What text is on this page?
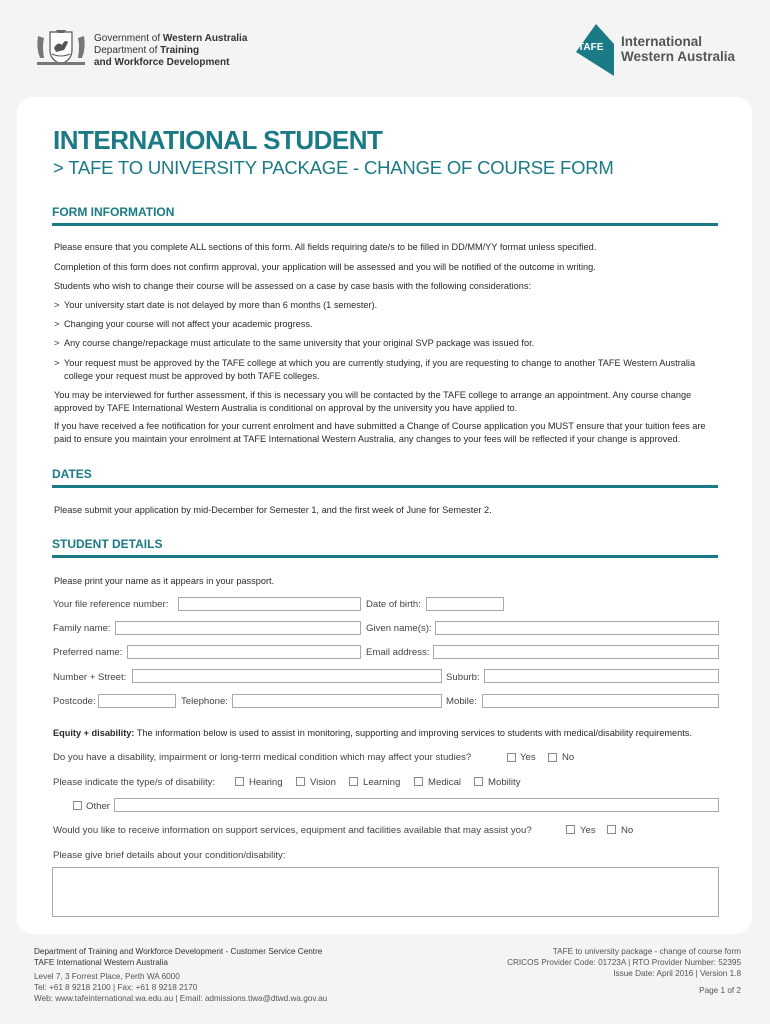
Government of Western Australia
Department of Training
and Workforce Development
TAFE International
Western Australia
INTERNATIONAL STUDENT
> TAFE TO UNIVERSITY PACKAGE - CHANGE OF COURSE FORM
FORM INFORMATION
Please ensure that you complete ALL sections of this form. All fields requiring date/s to be filled in DD/MM/YY format unless specified.
Completion of this form does not confirm approval, your application will be assessed and you will be notified of the outcome in writing.
Students who wish to change their course will be assessed on a case by case basis with the following considerations:
> Your university start date is not delayed by more than 6 months (1 semester).
> Changing your course will not affect your academic progress.
> Any course change/repackage must articulate to the same university that your original SVP package was issued for.
> Your request must be approved by the TAFE college at which you are currently studying, if you are requesting to change to another TAFE Western Australia college your request must be approved by both TAFE colleges.
You may be interviewed for further assessment, if this is necessary you will be contacted by the TAFE college to arrange an appointment. Any course change approved by TAFE International Western Australia is conditional on approval by the university you have applied to.
If you have received a fee notification for your current enrolment and have submitted a Change of Course application you MUST ensure that your tuition fees are paid to ensure you maintain your enrolment at TAFE International Western Australia, any changes to your fees will be reflected if your change is approved.
DATES
Please submit your application by mid-December for Semester 1, and the first week of June for Semester 2.
STUDENT DETAILS
Please print your name as it appears in your passport.
Your file reference number:	Date of birth:
Family name:	Given name(s):
Preferred name:	Email address:
Number + Street:	Suburb:
Postcode:	Telephone:	Mobile:
Equity + disability: The information below is used to assist in monitoring, supporting and improving services to students with medical/disability requirements.
Do you have a disability, impairment or long-term medical condition which may affect your studies?	Yes	No
Please indicate the type/s of disability:	Hearing	Vision	Learning	Medical	Mobility
Other
Would you like to receive information on support services, equipment and facilities available that may assist you?	Yes	No
Please give brief details about your condition/disability:
Department of Training and Workforce Development - Customer Service Centre
TAFE International Western Australia
Level 7, 3 Forrest Place, Perth WA 6000
Tel: +61 8 9218 2100 | Fax: +61 8 9218 2170
Web: www.tafeinternational.wa.edu.au | Email: admissions.tiwa@dtwd.wa.gov.au
TAFE to university package - change of course form
CRICOS Provider Code: 01723A | RTO Provider Number: 52395
Issue Date: April 2016 | Version 1.8
Page 1 of 2
